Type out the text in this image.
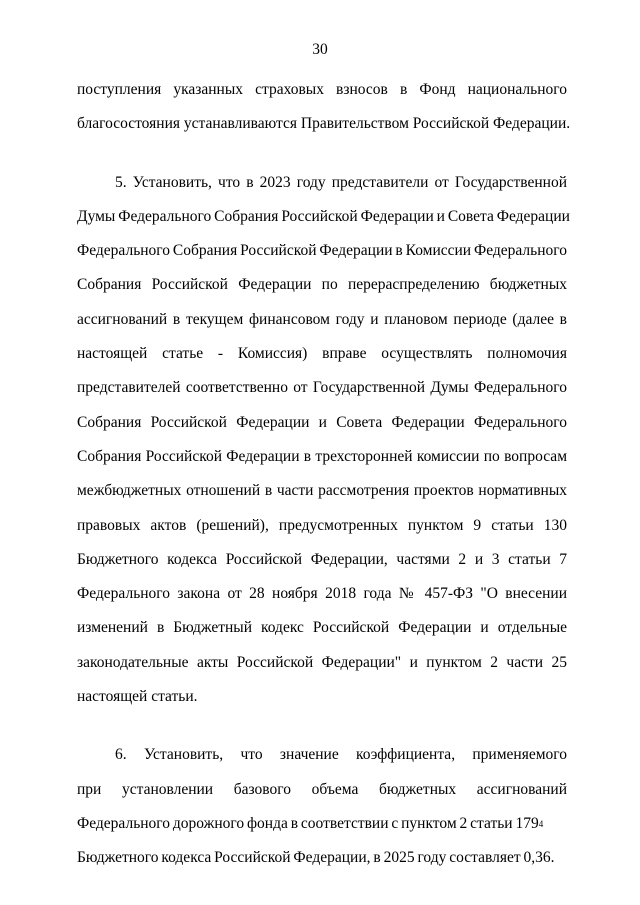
30
поступления указанных страховых взносов в Фонд национального
благосостояния устанавливаются Правительством Российской Федерации.
5. Установить, что в 2023 году представители от Государственной
Думы Федерального Собрания Российской Федерации и Совета Федерации
Федерального Собрания Российской Федерации в Комиссии Федерального
Собрания Российской Федерации по перераспределению бюджетных
ассигнований в текущем финансовом году и плановом периоде (далее в
настоящей статье - Комиссия) вправе осуществлять полномочия
представителей соответственно от Государственной Думы Федерального
Собрания Российской Федерации и Совета Федерации Федерального
Собрания Российской Федерации в трехсторонней комиссии по вопросам
межбюджетных отношений в части рассмотрения проектов нормативных
правовых актов (решений), предусмотренных пунктом 9 статьи 130
Бюджетного кодекса Российской Федерации, частями 2 и 3 статьи 7
Федерального закона от 28 ноября 2018 года № 457-ФЗ "О внесении
изменений в Бюджетный кодекс Российской Федерации и отдельные
законодательные акты Российской Федерации" и пунктом 2 части 25
настоящей статьи.
6. Установить, что значение коэффициента, применяемого
при установлении базового объема бюджетных ассигнований
Федерального дорожного фонда в соответствии с пунктом 2 статьи 179 4
Бюджетного кодекса Российской Федерации, в 2025 году составляет 0,36.
